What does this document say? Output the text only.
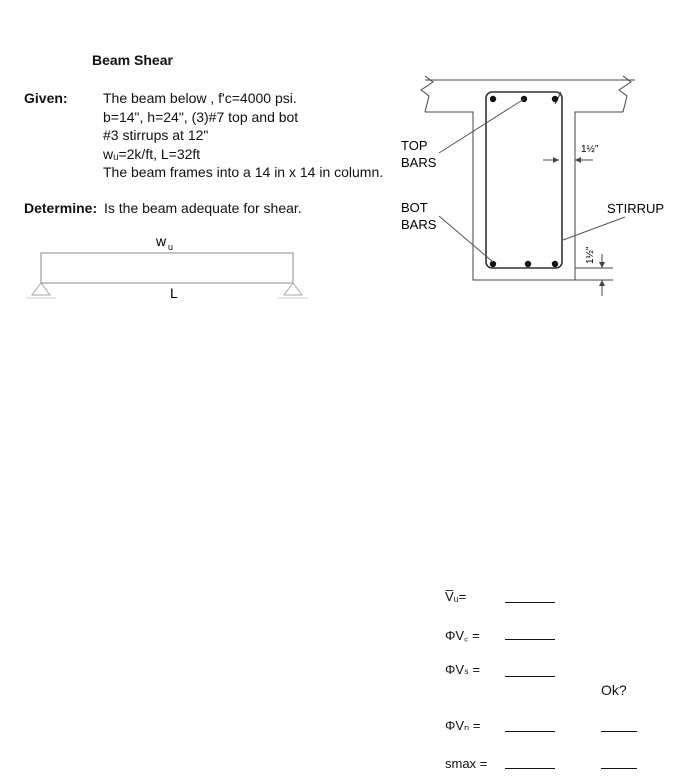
Beam Shear
Given:	The beam below , f'c=4000 psi.
b=14", h=24", (3)#7 top and bot
#3 stirrups at 12"
wᵤ=2k/ft, L=32ft
The beam frames into a 14 in x 14 in column.
Determine: Is the beam adequate for shear.
w u
L
TOP
BARS
BOT
BARS
STIRRUP
1½"
1½"
V̅ᵤ=
ΦV꜀ =
ΦVₛ =
Ok?
ΦVₙ =
smax =
